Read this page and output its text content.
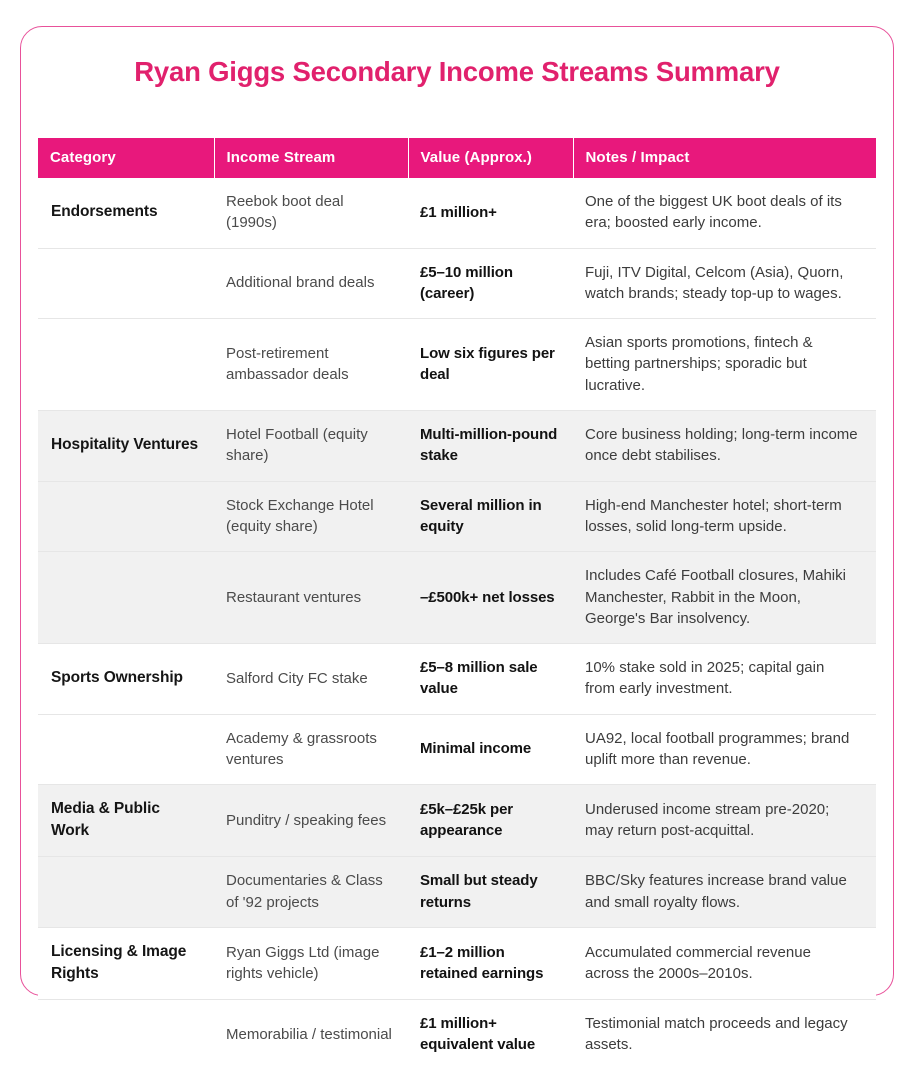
Ryan Giggs Secondary Income Streams Summary
Category	Income Stream	Value (Approx.)	Notes / Impact
Endorsements	Reebok boot deal (1990s)	£1 million+	One of the biggest UK boot deals of its era; boosted early income.
	Additional brand deals	£5–10 million (career)	Fuji, ITV Digital, Celcom (Asia), Quorn, watch brands; steady top-up to wages.
	Post-retirement ambassador deals	Low six figures per deal	Asian sports promotions, fintech & betting partnerships; sporadic but lucrative.
Hospitality Ventures	Hotel Football (equity share)	Multi-million-pound stake	Core business holding; long-term income once debt stabilises.
	Stock Exchange Hotel (equity share)	Several million in equity	High-end Manchester hotel; short-term losses, solid long-term upside.
	Restaurant ventures	–£500k+ net losses	Includes Café Football closures, Mahiki Manchester, Rabbit in the Moon, George's Bar insolvency.
Sports Ownership	Salford City FC stake	£5–8 million sale value	10% stake sold in 2025; capital gain from early investment.
	Academy & grassroots ventures	Minimal income	UA92, local football programmes; brand uplift more than revenue.
Media & Public Work	Punditry / speaking fees	£5k–£25k per appearance	Underused income stream pre-2020; may return post-acquittal.
	Documentaries & Class of '92 projects	Small but steady returns	BBC/Sky features increase brand value and small royalty flows.
Licensing & Image Rights	Ryan Giggs Ltd (image rights vehicle)	£1–2 million retained earnings	Accumulated commercial revenue across the 2000s–2010s.
	Memorabilia / testimonial	£1 million+ equivalent value	Testimonial match proceeds and legacy assets.
